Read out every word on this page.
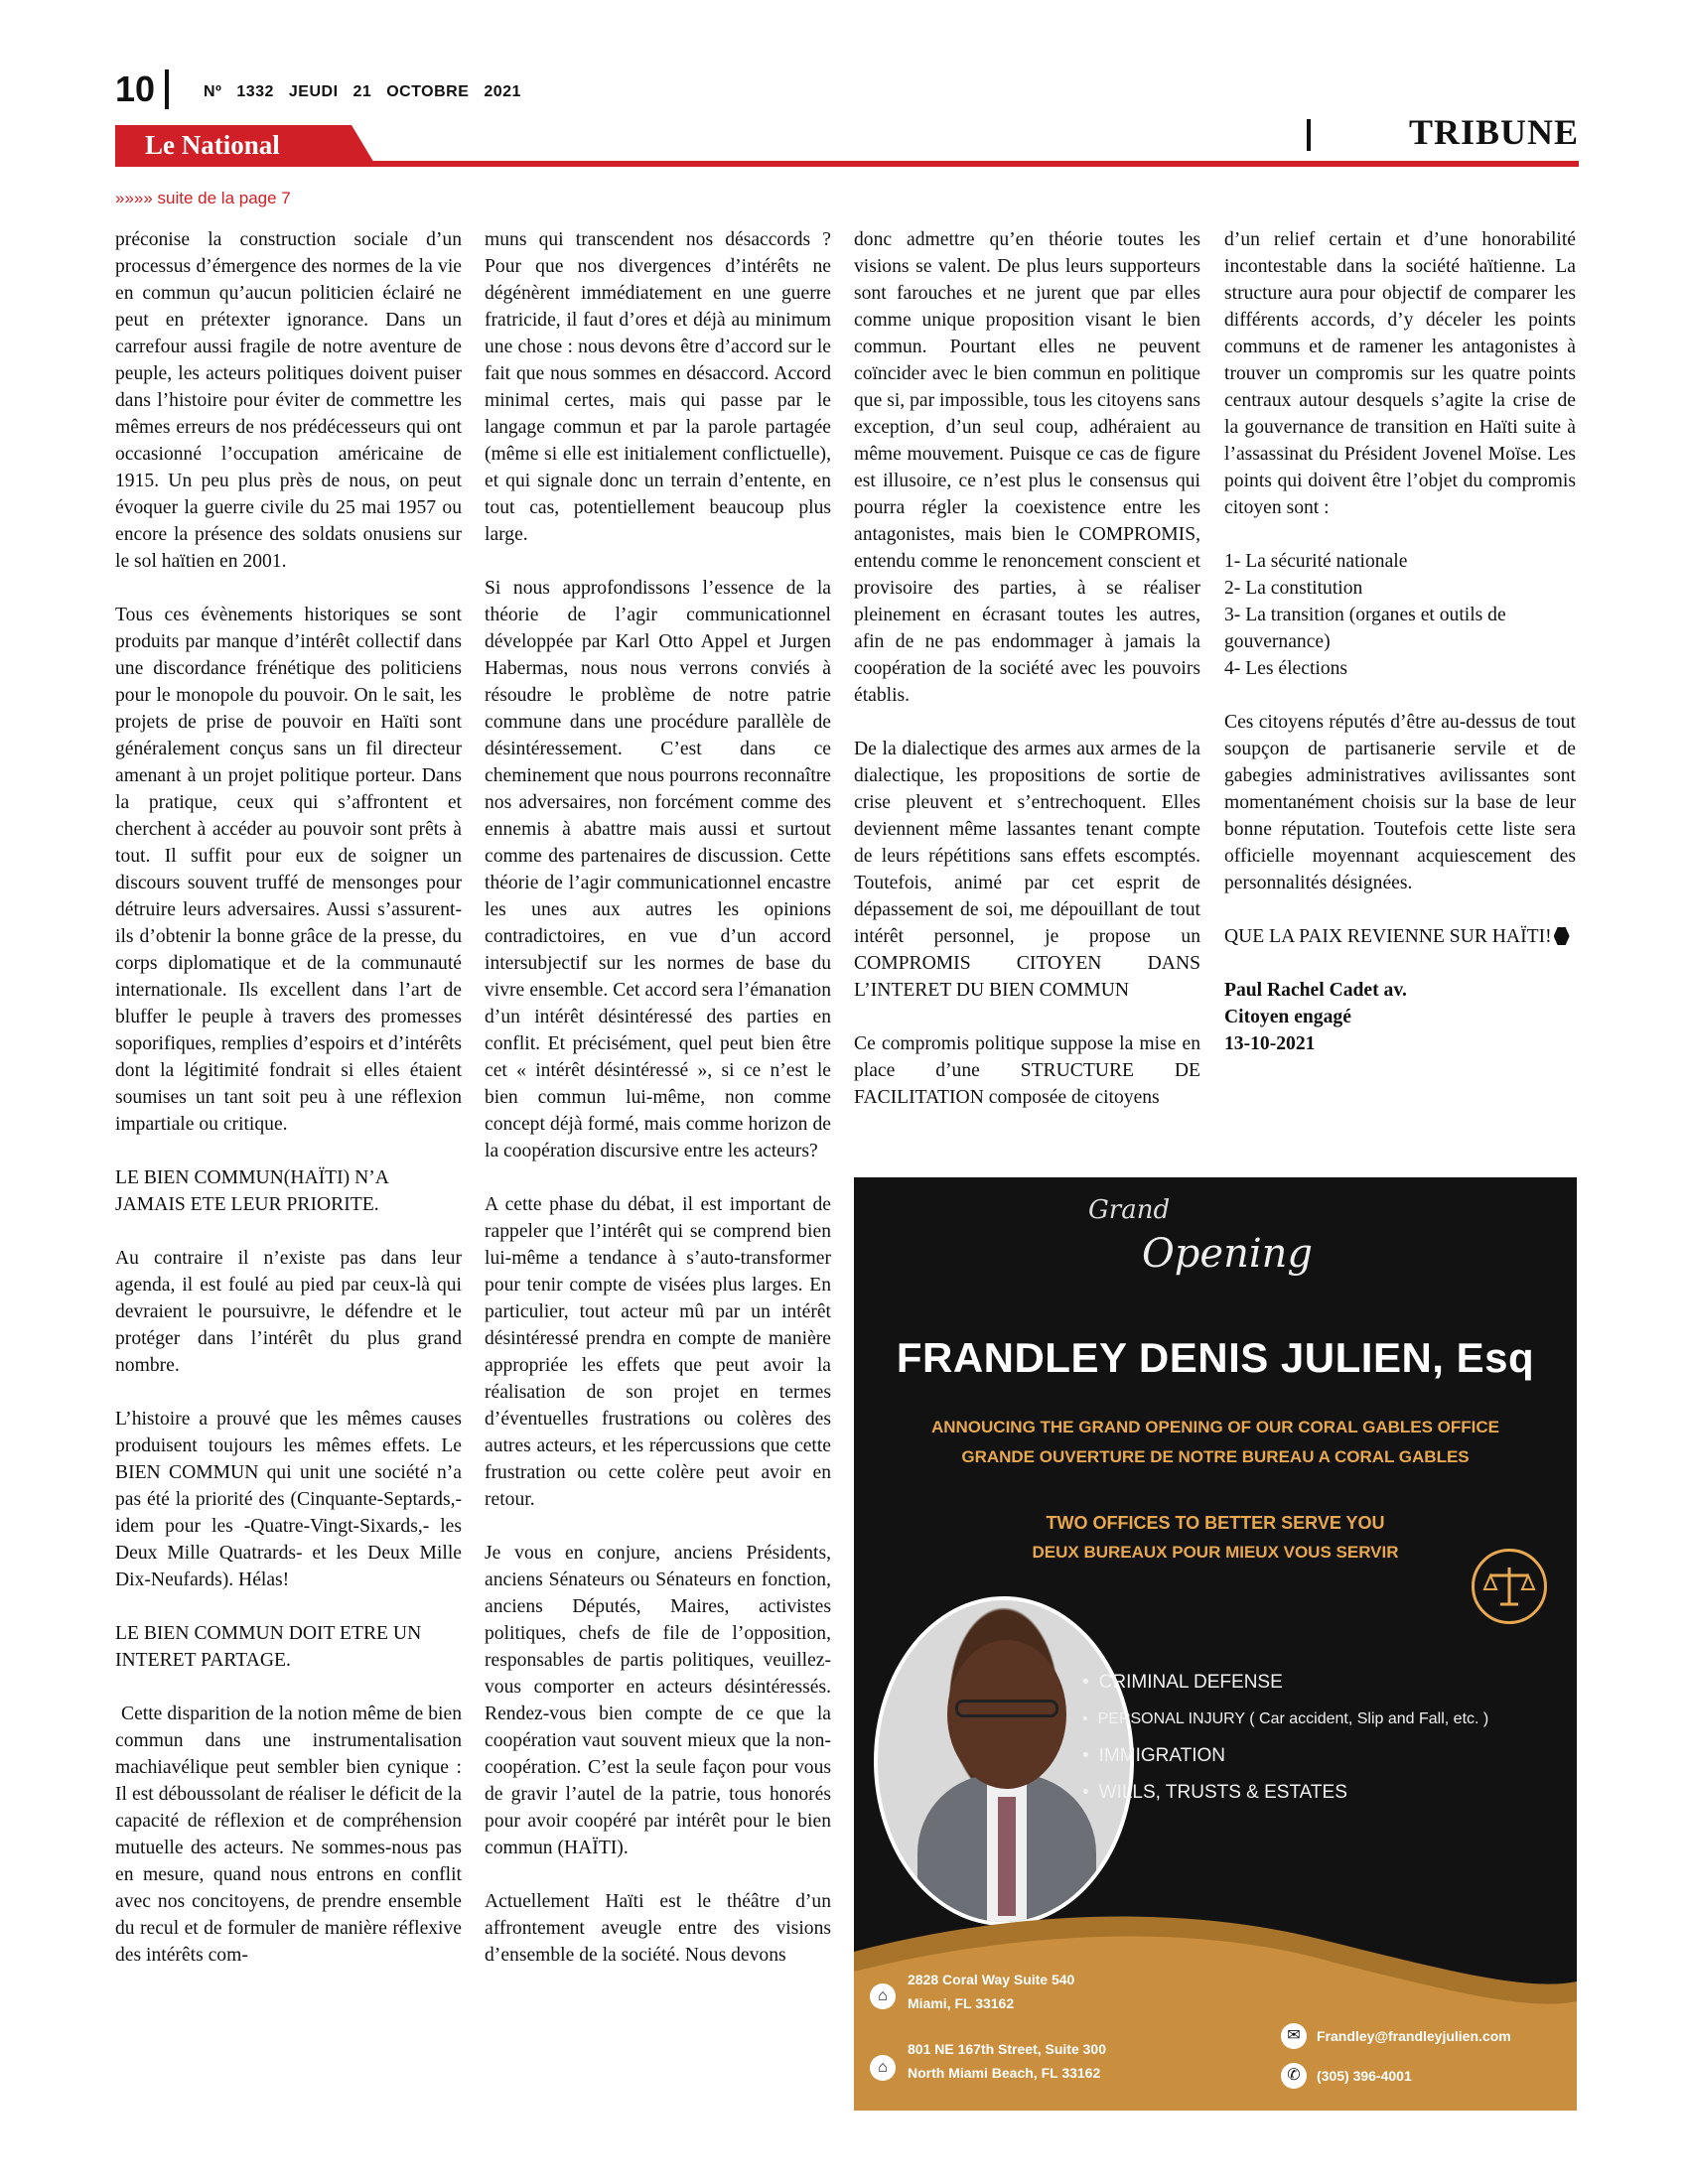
10	Nº 1332 JEUDI 21 OCTOBRE 2021
Le National	TRIBUNE
»»»» suite de la page 7

préconise la construction sociale d’un processus d’émergence des normes de la vie en commun qu’aucun politicien éclairé ne peut en prétexter ignorance. Dans un carrefour aussi fragile de notre aventure de peuple, les acteurs politiques doivent puiser dans l’histoire pour éviter de commettre les mêmes erreurs de nos prédécesseurs qui ont occasionné l’occupation américaine de 1915. Un peu plus près de nous, on peut évoquer la guerre civile du 25 mai 1957 ou encore la présence des soldats onusiens sur le sol haïtien en 2001.

Tous ces évènements historiques se sont produits par manque d’intérêt collectif dans une discordance frénétique des politiciens pour le monopole du pouvoir. On le sait, les projets de prise de pouvoir en Haïti sont généralement conçus sans un fil directeur amenant à un projet politique porteur. Dans la pratique, ceux qui s’affrontent et cherchent à accéder au pouvoir sont prêts à tout. Il suffit pour eux de soigner un discours souvent truffé de mensonges pour détruire leurs adversaires. Aussi s’assurent-ils d’obtenir la bonne grâce de la presse, du corps diplomatique et de la communauté internationale. Ils excellent dans l’art de bluffer le peuple à travers des promesses soporifiques, remplies d’espoirs et d’intérêts dont la légitimité fondrait si elles étaient soumises un tant soit peu à une réflexion impartiale ou critique.

LE BIEN COMMUN(HAÏTI) N’A JAMAIS ETE LEUR PRIORITE.

Au contraire il n’existe pas dans leur agenda, il est foulé au pied par ceux-là qui devraient le poursuivre, le défendre et le protéger dans l’intérêt du plus grand nombre.

L’histoire a prouvé que les mêmes causes produisent toujours les mêmes effets. Le BIEN COMMUN qui unit une société n’a pas été la priorité des (Cinquante-Septards,- idem pour les -Quatre-Vingt-Sixards,- les Deux Mille Quatrards- et les Deux Mille Dix-Neufards). Hélas!

LE BIEN COMMUN DOIT ETRE UN INTERET PARTAGE.

Cette disparition de la notion même de bien commun dans une instrumentalisation machiavélique peut sembler bien cynique : Il est déboussolant de réaliser le déficit de la capacité de réflexion et de compréhension mutuelle des acteurs. Ne sommes-nous pas en mesure, quand nous entrons en conflit avec nos concitoyens, de prendre ensemble du recul et de formuler de manière réflexive des intérêts com-

muns qui transcendent nos désaccords ? Pour que nos divergences d’intérêts ne dégénèrent immédiatement en une guerre fratricide, il faut d’ores et déjà au minimum une chose : nous devons être d’accord sur le fait que nous sommes en désaccord. Accord minimal certes, mais qui passe par le langage commun et par la parole partagée (même si elle est initialement conflictuelle), et qui signale donc un terrain d’entente, en tout cas, potentiellement beaucoup plus large.

Si nous approfondissons l’essence de la théorie de l’agir communicationnel développée par Karl Otto Appel et Jurgen Habermas, nous nous verrons conviés à résoudre le problème de notre patrie commune dans une procédure parallèle de désintéressement. C’est dans ce cheminement que nous pourrons reconnaître nos adversaires, non forcément comme des ennemis à abattre mais aussi et surtout comme des partenaires de discussion. Cette théorie de l’agir communicationnel encastre les unes aux autres les opinions contradictoires, en vue d’un accord intersubjectif sur les normes de base du vivre ensemble. Cet accord sera l’émanation d’un intérêt désintéressé des parties en conflit. Et précisément, quel peut bien être cet « intérêt désintéressé », si ce n’est le bien commun lui-même, non comme concept déjà formé, mais comme horizon de la coopération discursive entre les acteurs?

A cette phase du débat, il est important de rappeler que l’intérêt qui se comprend bien lui-même a tendance à s’auto-transformer pour tenir compte de visées plus larges. En particulier, tout acteur mû par un intérêt désintéressé prendra en compte de manière appropriée les effets que peut avoir la réalisation de son projet en termes d’éventuelles frustrations ou colères des autres acteurs, et les répercussions que cette frustration ou cette colère peut avoir en retour.

Je vous en conjure, anciens Présidents, anciens Sénateurs ou Sénateurs en fonction, anciens Députés, Maires, activistes politiques, chefs de file de l’opposition, responsables de partis politiques, veuillez-vous comporter en acteurs désintéressés. Rendez-vous bien compte de ce que la coopération vaut souvent mieux que la non-coopération. C’est la seule façon pour vous de gravir l’autel de la patrie, tous honorés pour avoir coopéré par intérêt pour le bien commun (HAÏTI).

Actuellement Haïti est le théâtre d’un affrontement aveugle entre des visions d’ensemble de la société. Nous devons

donc admettre qu’en théorie toutes les visions se valent. De plus leurs supporteurs sont farouches et ne jurent que par elles comme unique proposition visant le bien commun. Pourtant elles ne peuvent coïncider avec le bien commun en politique que si, par impossible, tous les citoyens sans exception, d’un seul coup, adhéraient au même mouvement. Puisque ce cas de figure est illusoire, ce n’est plus le consensus qui pourra régler la coexistence entre les antagonistes, mais bien le COMPROMIS, entendu comme le renoncement conscient et provisoire des parties, à se réaliser pleinement en écrasant toutes les autres, afin de ne pas endommager à jamais la coopération de la société avec les pouvoirs établis.

De la dialectique des armes aux armes de la dialectique, les propositions de sortie de crise pleuvent et s’entrechoquent. Elles deviennent même lassantes tenant compte de leurs répétitions sans effets escomptés. Toutefois, animé par cet esprit de dépassement de soi, me dépouillant de tout intérêt personnel, je propose un COMPROMIS CITOYEN DANS L’INTERET DU BIEN COMMUN

Ce compromis politique suppose la mise en place d’une STRUCTURE DE FACILITATION composée de citoyens

d’un relief certain et d’une honorabilité incontestable dans la société haïtienne. La structure aura pour objectif de comparer les différents accords, d’y déceler les points communs et de ramener les antagonistes à trouver un compromis sur les quatre points centraux autour desquels s’agite la crise de la gouvernance de transition en Haïti suite à l’assassinat du Président Jovenel Moïse. Les points qui doivent être l’objet du compromis citoyen sont :

1- La sécurité nationale
2- La constitution
3- La transition (organes et outils de gouvernance)
4- Les élections

Ces citoyens réputés d’être au-dessus de tout soupçon de partisanerie servile et de gabegies administratives avilissantes sont momentanément choisis sur la base de leur bonne réputation. Toutefois cette liste sera officielle moyennant acquiescement des personnalités désignées.

QUE LA PAIX REVIENNE SUR HAÏTI!

Paul Rachel Cadet av.
Citoyen engagé
13-10-2021

Grand
Opening
FRANDLEY DENIS JULIEN, Esq
ANNOUCING THE GRAND OPENING OF OUR CORAL GABLES OFFICE
GRANDE OUVERTURE DE NOTRE BUREAU A CORAL GABLES
TWO OFFICES TO BETTER SERVE YOU
DEUX BUREAUX POUR MIEUX VOUS SERVIR
• CRIMINAL DEFENSE
• PERSONAL INJURY ( Car accident, Slip and Fall, etc. )
• IMMIGRATION
• WILLS, TRUSTS & ESTATES
⌂
2828 Coral Way Suite 540
Miami, FL 33162
⌂
801 NE 167th Street, Suite 300
North Miami Beach, FL 33162
✉	Frandley@frandleyjulien.com
✆	(305) 396-4001
